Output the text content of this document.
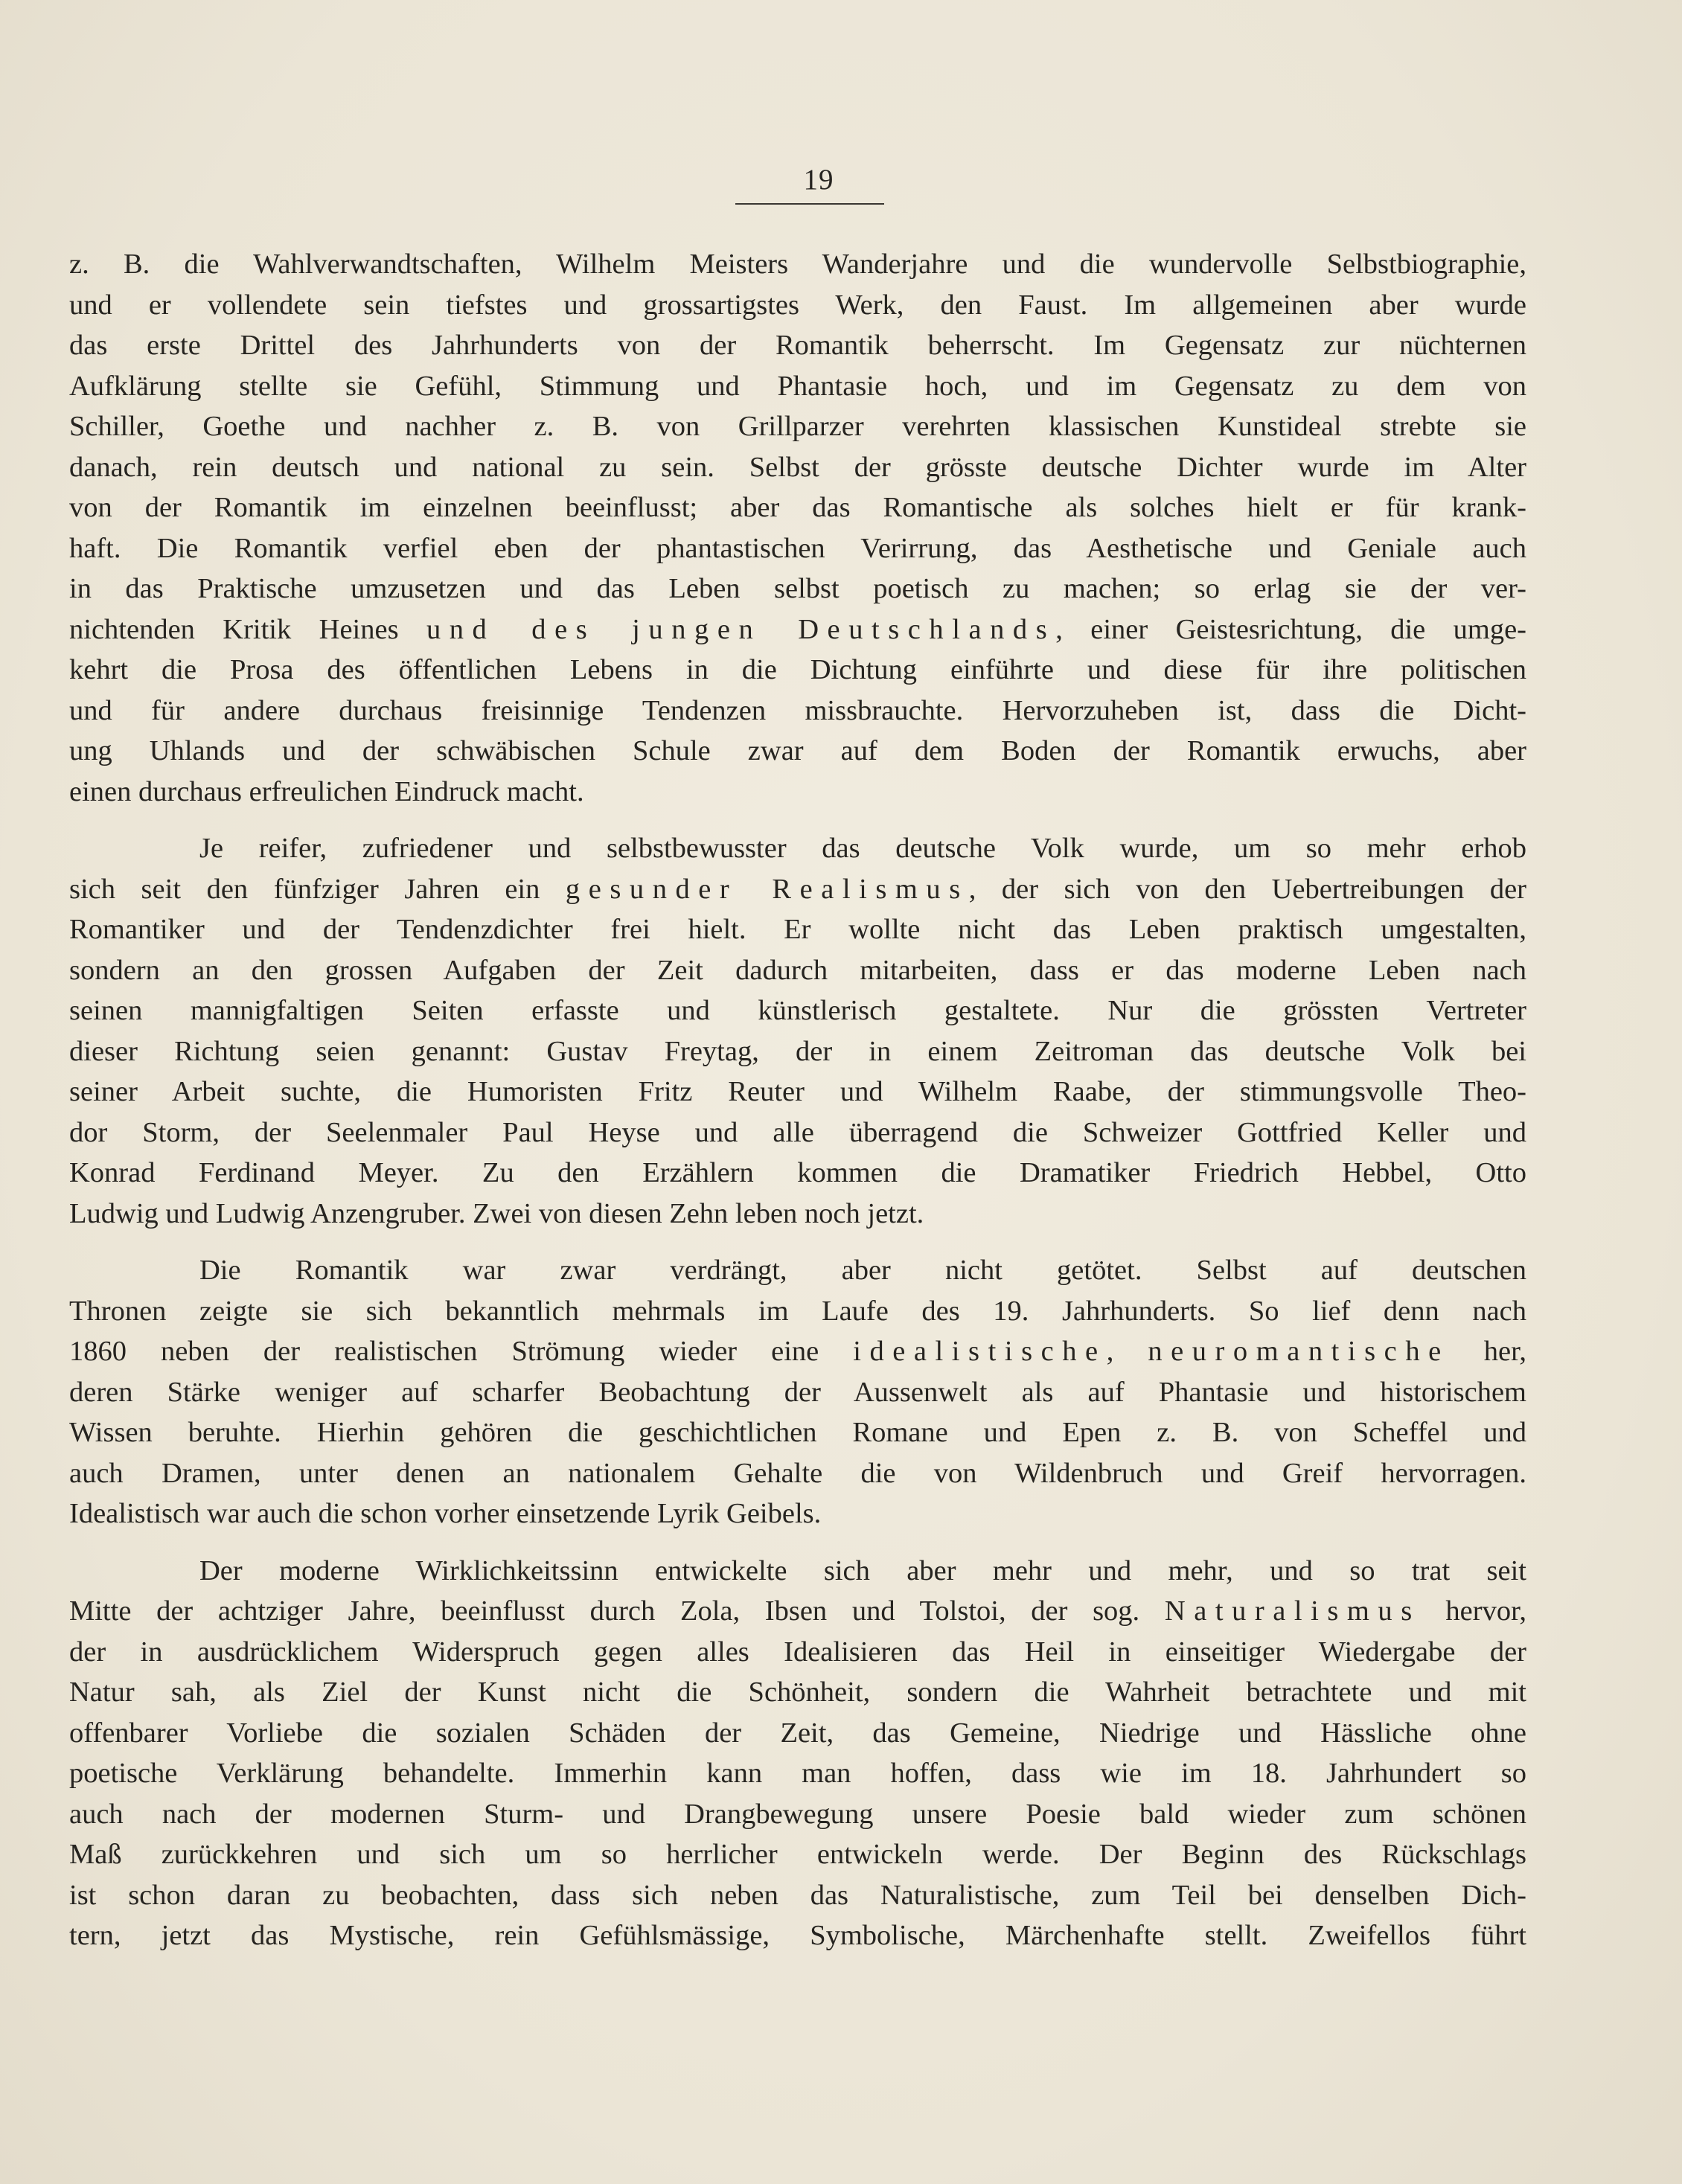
19
z. B. die Wahlverwandtschaften, Wilhelm Meisters Wanderjahre und die wundervolle Selbstbiographie,
und er vollendete sein tiefstes und grossartigstes Werk, den Faust. Im allgemeinen aber wurde
das erste Drittel des Jahrhunderts von der Romantik beherrscht. Im Gegensatz zur nüchternen
Aufklärung stellte sie Gefühl, Stimmung und Phantasie hoch, und im Gegensatz zu dem von
Schiller, Goethe und nachher z. B. von Grillparzer verehrten klassischen Kunstideal strebte sie
danach, rein deutsch und national zu sein. Selbst der grösste deutsche Dichter wurde im Alter
von der Romantik im einzelnen beeinflusst; aber das Romantische als solches hielt er für krank-
haft. Die Romantik verfiel eben der phantastischen Verirrung, das Aesthetische und Geniale auch
in das Praktische umzusetzen und das Leben selbst poetisch zu machen; so erlag sie der ver-
nichtenden Kritik Heines und des jungen Deutschlands, einer Geistesrichtung, die umge-
kehrt die Prosa des öffentlichen Lebens in die Dichtung einführte und diese für ihre politischen
und für andere durchaus freisinnige Tendenzen missbrauchte. Hervorzuheben ist, dass die Dicht-
ung Uhlands und der schwäbischen Schule zwar auf dem Boden der Romantik erwuchs, aber
einen durchaus erfreulichen Eindruck macht.
Je reifer, zufriedener und selbstbewusster das deutsche Volk wurde, um so mehr erhob
sich seit den fünfziger Jahren ein gesunder Realismus, der sich von den Uebertreibungen der
Romantiker und der Tendenzdichter frei hielt. Er wollte nicht das Leben praktisch umgestalten,
sondern an den grossen Aufgaben der Zeit dadurch mitarbeiten, dass er das moderne Leben nach
seinen mannigfaltigen Seiten erfasste und künstlerisch gestaltete. Nur die grössten Vertreter
dieser Richtung seien genannt: Gustav Freytag, der in einem Zeitroman das deutsche Volk bei
seiner Arbeit suchte, die Humoristen Fritz Reuter und Wilhelm Raabe, der stimmungsvolle Theo-
dor Storm, der Seelenmaler Paul Heyse und alle überragend die Schweizer Gottfried Keller und
Konrad Ferdinand Meyer. Zu den Erzählern kommen die Dramatiker Friedrich Hebbel, Otto
Ludwig und Ludwig Anzengruber. Zwei von diesen Zehn leben noch jetzt.
Die Romantik war zwar verdrängt, aber nicht getötet. Selbst auf deutschen
Thronen zeigte sie sich bekanntlich mehrmals im Laufe des 19. Jahrhunderts. So lief denn nach
1860 neben der realistischen Strömung wieder eine idealistische, neuromantische her,
deren Stärke weniger auf scharfer Beobachtung der Aussenwelt als auf Phantasie und historischem
Wissen beruhte. Hierhin gehören die geschichtlichen Romane und Epen z. B. von Scheffel und
auch Dramen, unter denen an nationalem Gehalte die von Wildenbruch und Greif hervorragen.
Idealistisch war auch die schon vorher einsetzende Lyrik Geibels.
Der moderne Wirklichkeitssinn entwickelte sich aber mehr und mehr, und so trat seit
Mitte der achtziger Jahre, beeinflusst durch Zola, Ibsen und Tolstoi, der sog. Naturalismus hervor,
der in ausdrücklichem Widerspruch gegen alles Idealisieren das Heil in einseitiger Wiedergabe der
Natur sah, als Ziel der Kunst nicht die Schönheit, sondern die Wahrheit betrachtete und mit
offenbarer Vorliebe die sozialen Schäden der Zeit, das Gemeine, Niedrige und Hässliche ohne
poetische Verklärung behandelte. Immerhin kann man hoffen, dass wie im 18. Jahrhundert so
auch nach der modernen Sturm- und Drangbewegung unsere Poesie bald wieder zum schönen
Maß zurückkehren und sich um so herrlicher entwickeln werde. Der Beginn des Rückschlags
ist schon daran zu beobachten, dass sich neben das Naturalistische, zum Teil bei denselben Dich-
tern, jetzt das Mystische, rein Gefühlsmässige, Symbolische, Märchenhafte stellt. Zweifellos führt
